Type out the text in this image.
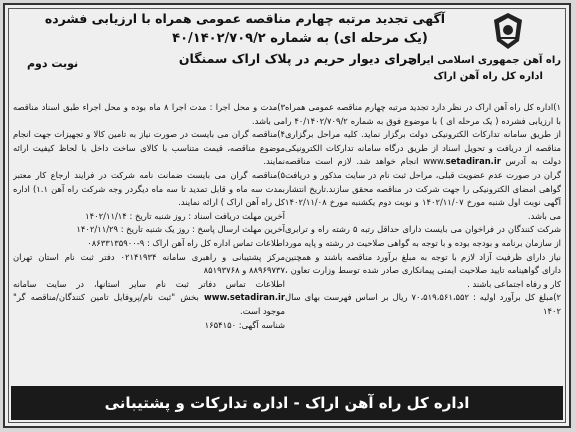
راه آهن جمهوری اسلامی ایران
اداره کل راه آهن اراک
نوبت دوم
آگهی تجدید مرتبه چهارم مناقصه عمومی همراه با ارزیابی فشرده
(یک مرحله ای) به شماره ۴۰/۱۴۰۲/۷۰۹/۲
اجرای دیوار حریم در پلاک اراک سمنگان

۱)اداره کل راه آهن اراک در نظر دارد تجدید مرتبه چهارم مناقصه عمومی همراه با ارزیابی فشرده ( یک مرحله ای ) با موضوع فوق به شماره ۴۰/۱۴۰۲/۷۰۹/۲ را از طریق سامانه تدارکات الکترونیکی دولت برگزار نماید. کلیه مراحل برگزاری مناقصه از دریافت و تحویل اسناد از طریق درگاه سامانه تدارکات الکترونیکی دولت به آدرس www.setadiran.ir انجام خواهد شد. لازم است مناقصه گران در صورت عدم عضویت قبلی، مراحل ثبت نام در سایت مذکور و دریافت گواهی امضای الکترونیکی را جهت شرکت در مناقصه محقق سازند.تاریخ انتشار آگهی نوبت اول شنبه مورخ ۱۴۰۲/۱۱/۰۷ و نوبت دوم یکشنبه مورخ ۱۴۰۲/۱۱/۰۸ می باشد.

شرکت کنندگان در فراخوان می بایست دارای حداقل رتبه ۵ رشته راه و ترابری از سازمان برنامه و بودجه بوده و با توجه به گواهی صلاحیت در رشته و پایه مورد نیاز دارای ظرفیت آزاد لازم با توجه به مبلغ برآورد مناقصه باشند و همچنین دارای گواهینامه تایید صلاحیت ایمنی پیمانکاری صادر شده توسط وزارت تعاون ، کار و رفاه اجتماعی باشند .

۲)مبلغ کل برآورد اولیه : ۷۰،۵۱۹،۵۶۱،۵۵۲ ریال بر اساس فهرست بهای سال ۱۴۰۲

۳)مدت و محل اجرا : مدت اجرا ۸ ماه بوده و محل اجراء طبق اسناد مناقصه می باشد.

۴)مناقصه گران می بایست در صورت نیاز به تامین کالا و تجهیزات جهت انجام موضوع مناقصه، قیمت متناسب با کالای ساخت داخل با لحاظ کیفیت ارائه نمایند.

۵)مناقصه گران می بایست ضمانت نامه شرکت در فرایند ارجاع کار معتبر بمدت سه ماه و قابل تمدید تا سه ماه دیگردر وجه شرکت راه آهن ۱.۱) اداره کل راه آهن اراک ) ارائه نمایند.

آخرین مهلت دریافت اسناد : روز شنبه تاریخ : ۱۴۰۲/۱۱/۱۴

آخرین مهلت ارسال پاسخ : روز یک شنبه تاریخ : ۱۴۰۲/۱۱/۲۹

اطلاعات تماس اداره کل راه آهن اراک : ۹-۰۸۶۳۳۱۳۵۹۰۰

مرکز پشتیبانی و راهبری سامانه ۰۲۱۴۱۹۳۴ دفتر ثبت نام استان تهران ۸۸۹۶۹۷۳۷ و ۸۵۱۹۳۷۶۸

اطلاعات تماس دفاتر ثبت نام سایر استانها، در سایت سامانه www.setadiran.ir بخش "ثبت نام/پروفایل تامین کنندگان/مناقصه گر" موجود است.

شناسه آگهی: ۱۶۵۴۱۵۰

اداره کل راه آهن اراک - اداره تدارکات و پشتیبانی
